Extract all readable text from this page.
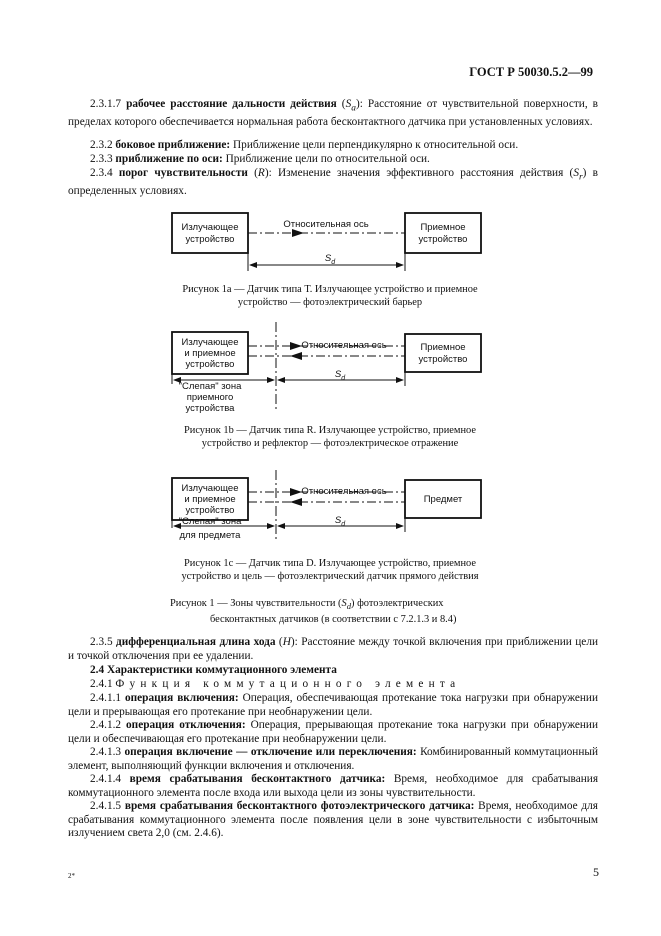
ГОСТ Р 50030.5.2—99
2.3.1.7 рабочее расстояние дальности действия $(S_a)$: Расстояние от чувствительной поверхности, в пределах которого обеспечивается нормальная работа бесконтактного датчика при установленных условиях.
2.3.2 боковое приближение: Приближение цели перпендикулярно к относительной оси.
2.3.3 приближение по оси: Приближение цели по относительной оси.
2.3.4 порог чувствительности (R): Изменение значения эффективного расстояния действия $(S_r)$ в определенных условиях.
Излучающее
устройство
Приемное
устройство
Относительная ось
$S_d$
Рисунок 1а — Датчик типа Т. Излучающее устройство и приемное
устройство — фотоэлектрический барьер
Излучающее
и приемное
устройство
Приемное
устройство
Относительная ось
$S_d$
"Слепая" зона
приемного
устройства
Рисунок 1b — Датчик типа R. Излучающее устройство, приемное
устройство и рефлектор — фотоэлектрическое отражение
Излучающее
и приемное
устройство
Предмет
Относительная ось
$S_d$
"Слепая" зона
для предмета
Рисунок 1с — Датчик типа D. Излучающее устройство, приемное
устройство и цель — фотоэлектрический датчик прямого действия
Рисунок 1 — Зоны чувствительности $(S_d)$ фотоэлектрических
бесконтактных датчиков (в соответствии с 7.2.1.3 и 8.4)
2.3.5 дифференциальная длина хода (H): Расстояние между точкой включения при приближении цели и точкой отключения при ее удалении.
2.4 Характеристики коммутационного элемента
2.4.1 Функция коммутационного элемента
2.4.1.1 операция включения: Операция, обеспечивающая протекание тока нагрузки при обнаружении цели и прерывающая его протекание при необнаружении цели.
2.4.1.2 операция отключения: Операция, прерывающая протекание тока нагрузки при обнаружении цели и обеспечивающая его протекание при необнаружении цели.
2.4.1.3 операция включение — отключение или переключения: Комбинированный коммутационный элемент, выполняющий функции включения и отключения.
2.4.1.4 время срабатывания бесконтактного датчика: Время, необходимое для срабатывания коммутационного элемента после входа или выхода цели из зоны чувствительности.
2.4.1.5 время срабатывания бесконтактного фотоэлектрического датчика: Время, необходимое для срабатывания коммутационного элемента после появления цели в зоне чувствительности с избыточным излучением света 2,0 (см. 2.4.6).
2*	5
